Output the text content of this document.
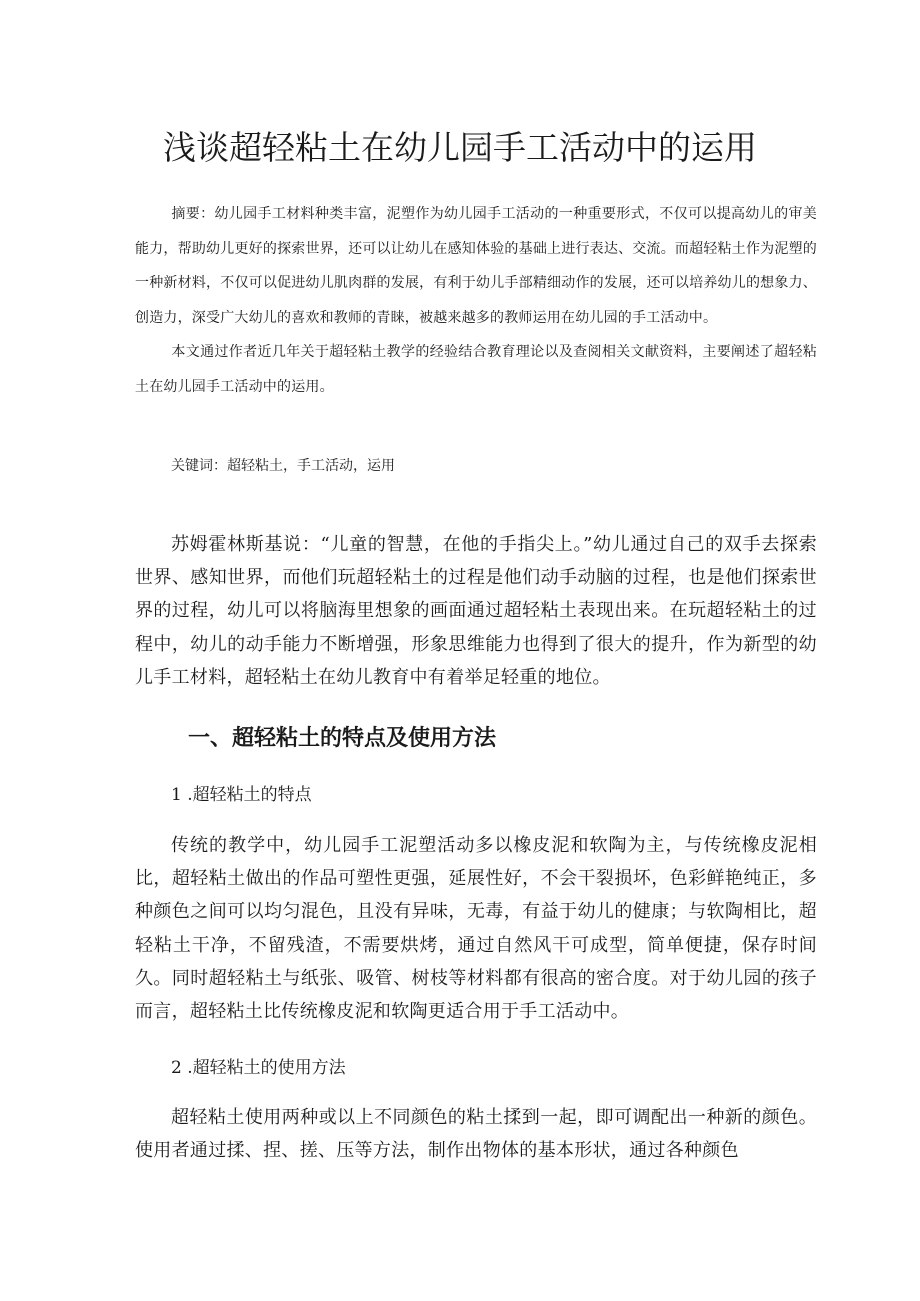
浅谈超轻粘土在幼儿园手工活动中的运用

摘要：幼儿园手工材料种类丰富，泥塑作为幼儿园手工活动的一种重要形式，不仅可以提高幼儿的审美能力，帮助幼儿更好的探索世界，还可以让幼儿在感知体验的基础上进行表达、交流。而超轻粘土作为泥塑的一种新材料，不仅可以促进幼儿肌肉群的发展，有利于幼儿手部精细动作的发展，还可以培养幼儿的想象力、创造力，深受广大幼儿的喜欢和教师的青睐，被越来越多的教师运用在幼儿园的手工活动中。

本文通过作者近几年关于超轻粘土教学的经验结合教育理论以及查阅相关文献资料，主要阐述了超轻粘土在幼儿园手工活动中的运用。

关键词：超轻粘土，手工活动，运用

苏姆霍林斯基说：“儿童的智慧，在他的手指尖上。”幼儿通过自己的双手去探索世界、感知世界，而他们玩超轻粘土的过程是他们动手动脑的过程，也是他们探索世界的过程，幼儿可以将脑海里想象的画面通过超轻粘土表现出来。在玩超轻粘土的过程中，幼儿的动手能力不断增强，形象思维能力也得到了很大的提升，作为新型的幼儿手工材料，超轻粘土在幼儿教育中有着举足轻重的地位。

一、超轻粘土的特点及使用方法

1 .超轻粘土的特点

传统的教学中，幼儿园手工泥塑活动多以橡皮泥和软陶为主，与传统橡皮泥相比，超轻粘土做出的作品可塑性更强，延展性好，不会干裂损坏，色彩鲜艳纯正，多种颜色之间可以均匀混色，且没有异味，无毒，有益于幼儿的健康；与软陶相比，超轻粘土干净，不留残渣，不需要烘烤，通过自然风干可成型，简单便捷，保存时间久。同时超轻粘土与纸张、吸管、树枝等材料都有很高的密合度。对于幼儿园的孩子而言，超轻粘土比传统橡皮泥和软陶更适合用于手工活动中。

2 .超轻粘土的使用方法

超轻粘土使用两种或以上不同颜色的粘土揉到一起，即可调配出一种新的颜色。使用者通过揉、捏、搓、压等方法，制作出物体的基本形状，通过各种颜色
